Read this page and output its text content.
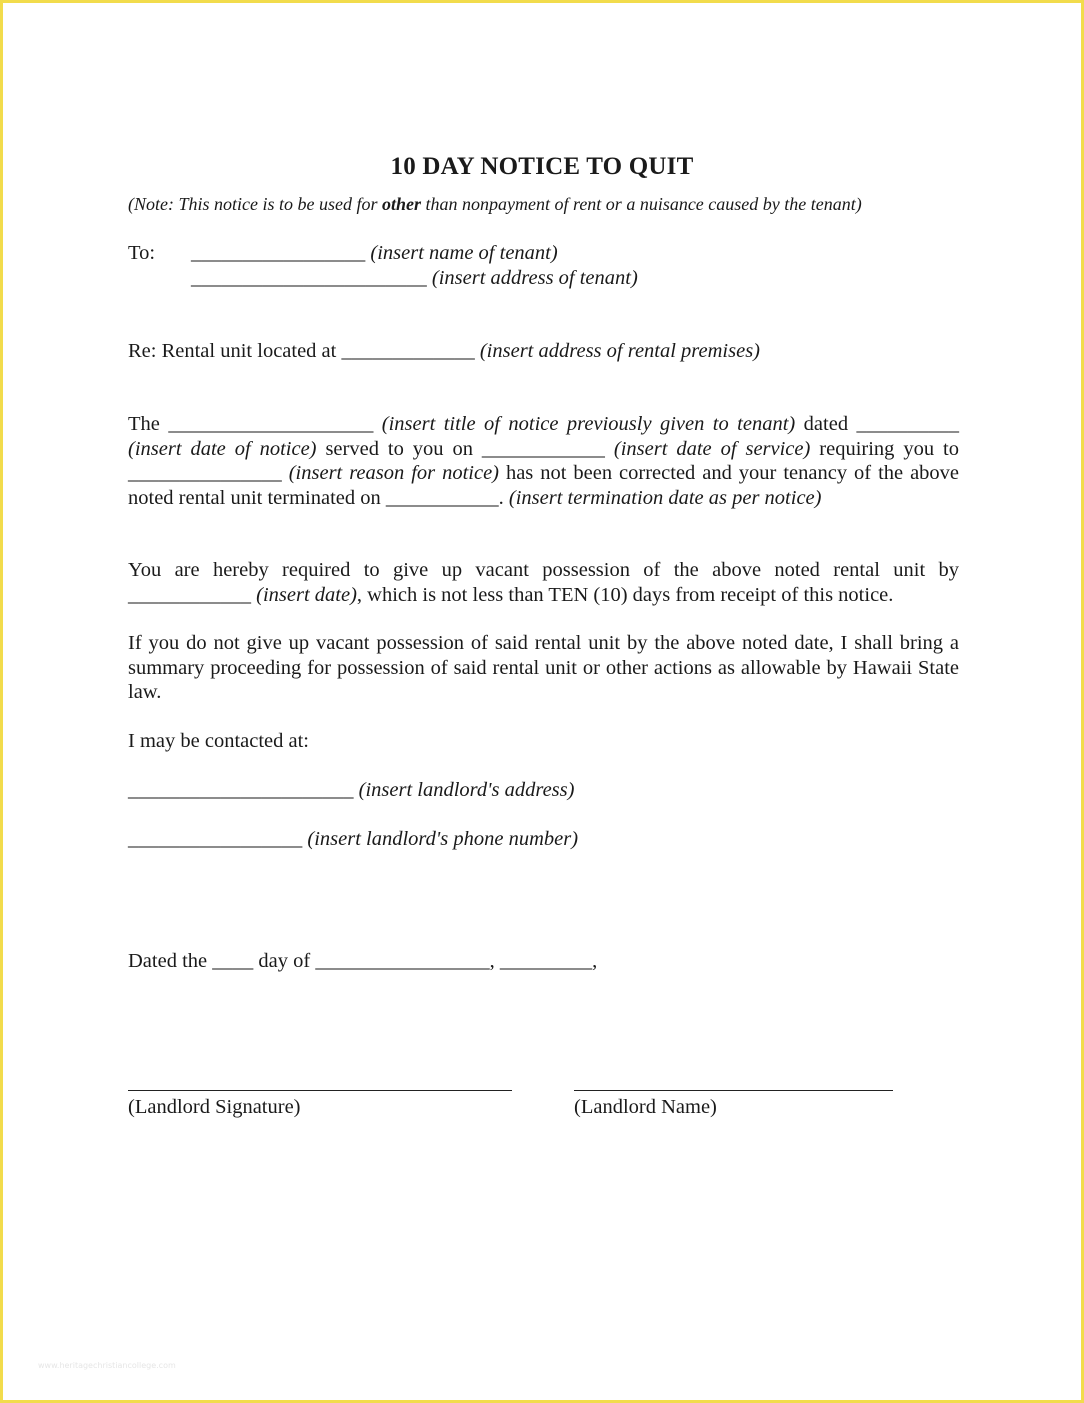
10 DAY NOTICE TO QUIT
(Note: This notice is to be used for other than nonpayment of rent or a nuisance caused by the tenant)
To: _________________ (insert name of tenant)
_______________________ (insert address of tenant)
Re: Rental unit located at _____________ (insert address of rental premises)
The ____________________ (insert title of notice previously given to tenant) dated __________ (insert date of notice) served to you on ____________ (insert date of service) requiring you to _______________ (insert reason for notice) has not been corrected and your tenancy of the above noted rental unit terminated on ___________. (insert termination date as per notice)
You are hereby required to give up vacant possession of the above noted rental unit by ____________ (insert date), which is not less than TEN (10) days from receipt of this notice.
If you do not give up vacant possession of said rental unit by the above noted date, I shall bring a summary proceeding for possession of said rental unit or other actions as allowable by Hawaii State law.
I may be contacted at:
______________________ (insert landlord's address)
_________________ (insert landlord's phone number)
Dated the ____ day of _________________, _________,
(Landlord Signature)	(Landlord Name)
www.heritagechristiancollege.com
